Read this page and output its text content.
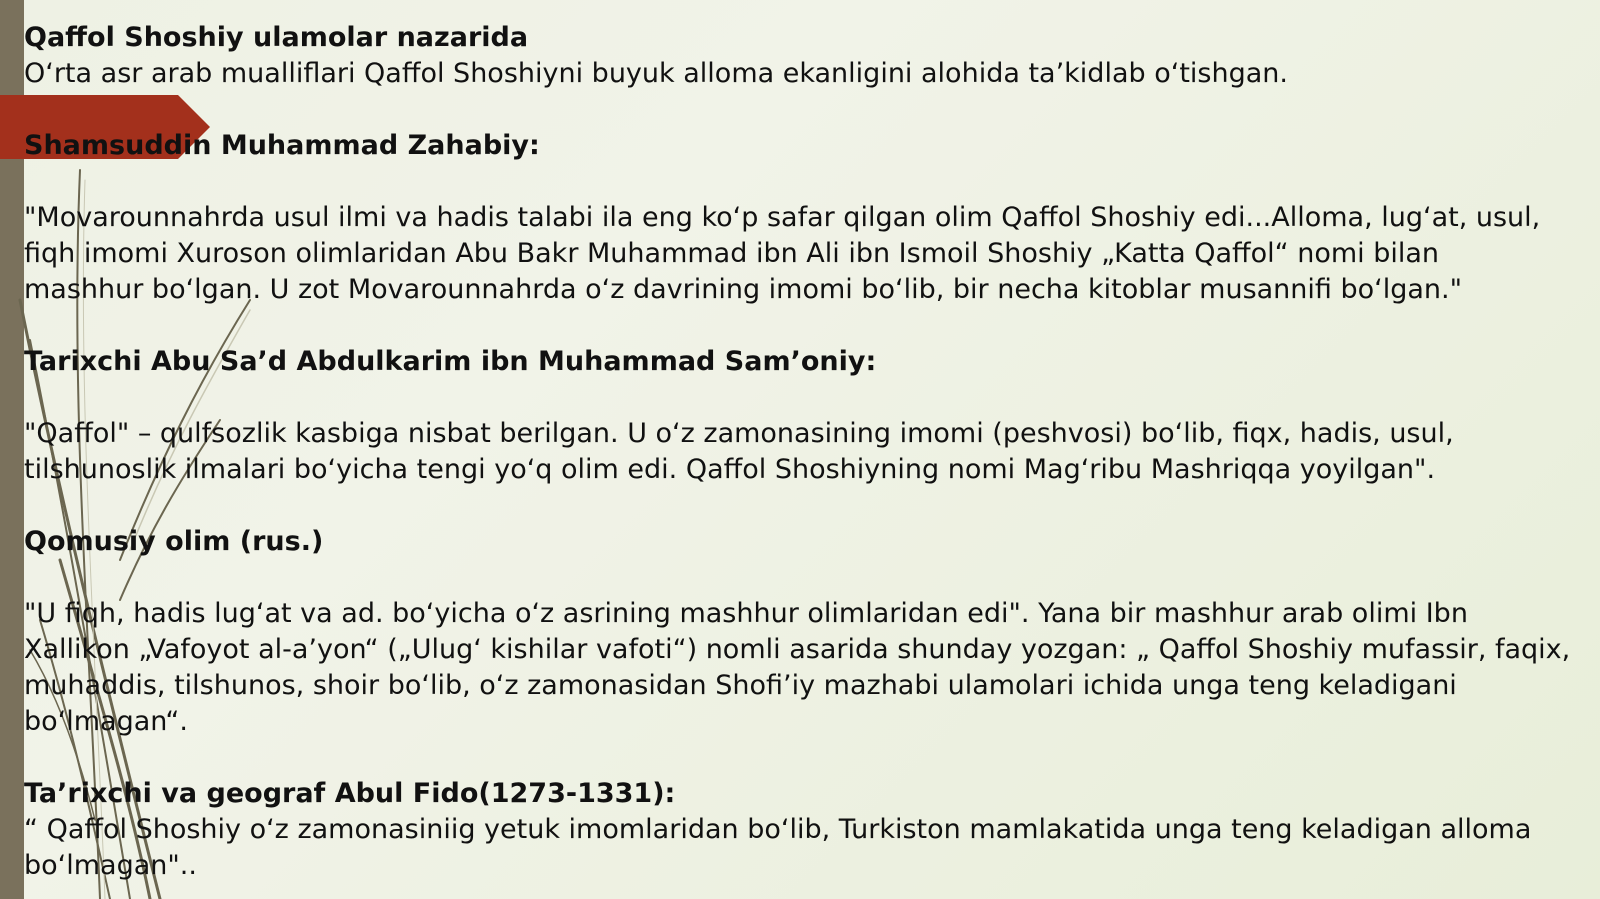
Qaffol Shoshiy ulamolar nazarida

O‘rta asr arab mualliflari Qaffol Shoshiyni buyuk alloma ekanligini alohida ta’kidlab o‘tishgan.

Shamsuddin Muhammad Zahabiy:

"Movarounnahrda usul ilmi va hadis talabi ila eng ko‘p safar qilgan olim Qaffol Shoshiy edi...Alloma, lug‘at, usul,

fiqh imomi Xuroson olimlaridan Abu Bakr Muhammad ibn Ali ibn Ismoil Shoshiy „Katta Qaffol“ nomi bilan

mashhur bo‘lgan. U zot Movarounnahrda o‘z davrining imomi bo‘lib, bir necha kitoblar musannifi bo‘lgan."

Tarixchi Abu Sa’d Abdulkarim ibn Muhammad Sam’oniy:

"Qaffol" – qulfsozlik kasbiga nisbat berilgan. U o‘z zamonasining imomi (peshvosi) bo‘lib, fiqx, hadis, usul,

tilshunoslik ilmalari bo‘yicha tengi yo‘q olim edi. Qaffol Shoshiyning nomi Mag‘ribu Mashriqqa yoyilgan".

Qomusiy olim (rus.)

"U fiqh, hadis lug‘at va ad. bo‘yicha o‘z asrining mashhur olimlaridan edi". Yana bir mashhur arab olimi Ibn

Xallikon „Vafoyot al-a’yon“ („Ulug‘ kishilar vafoti“) nomli asarida shunday yozgan: „ Qaffol Shoshiy mufassir, faqix,

muhaddis, tilshunos, shoir bo‘lib, o‘z zamonasidan Shofi’iy mazhabi ulamolari ichida unga teng keladigani

bo‘lmagan“.

Ta’rixchi va geograf Abul Fido(1273-1331):

“ Qaffol Shoshiy o‘z zamonasiniig yetuk imomlaridan bo‘lib, Turkiston mamlakatida unga teng keladigan alloma

bo‘lmagan"..
